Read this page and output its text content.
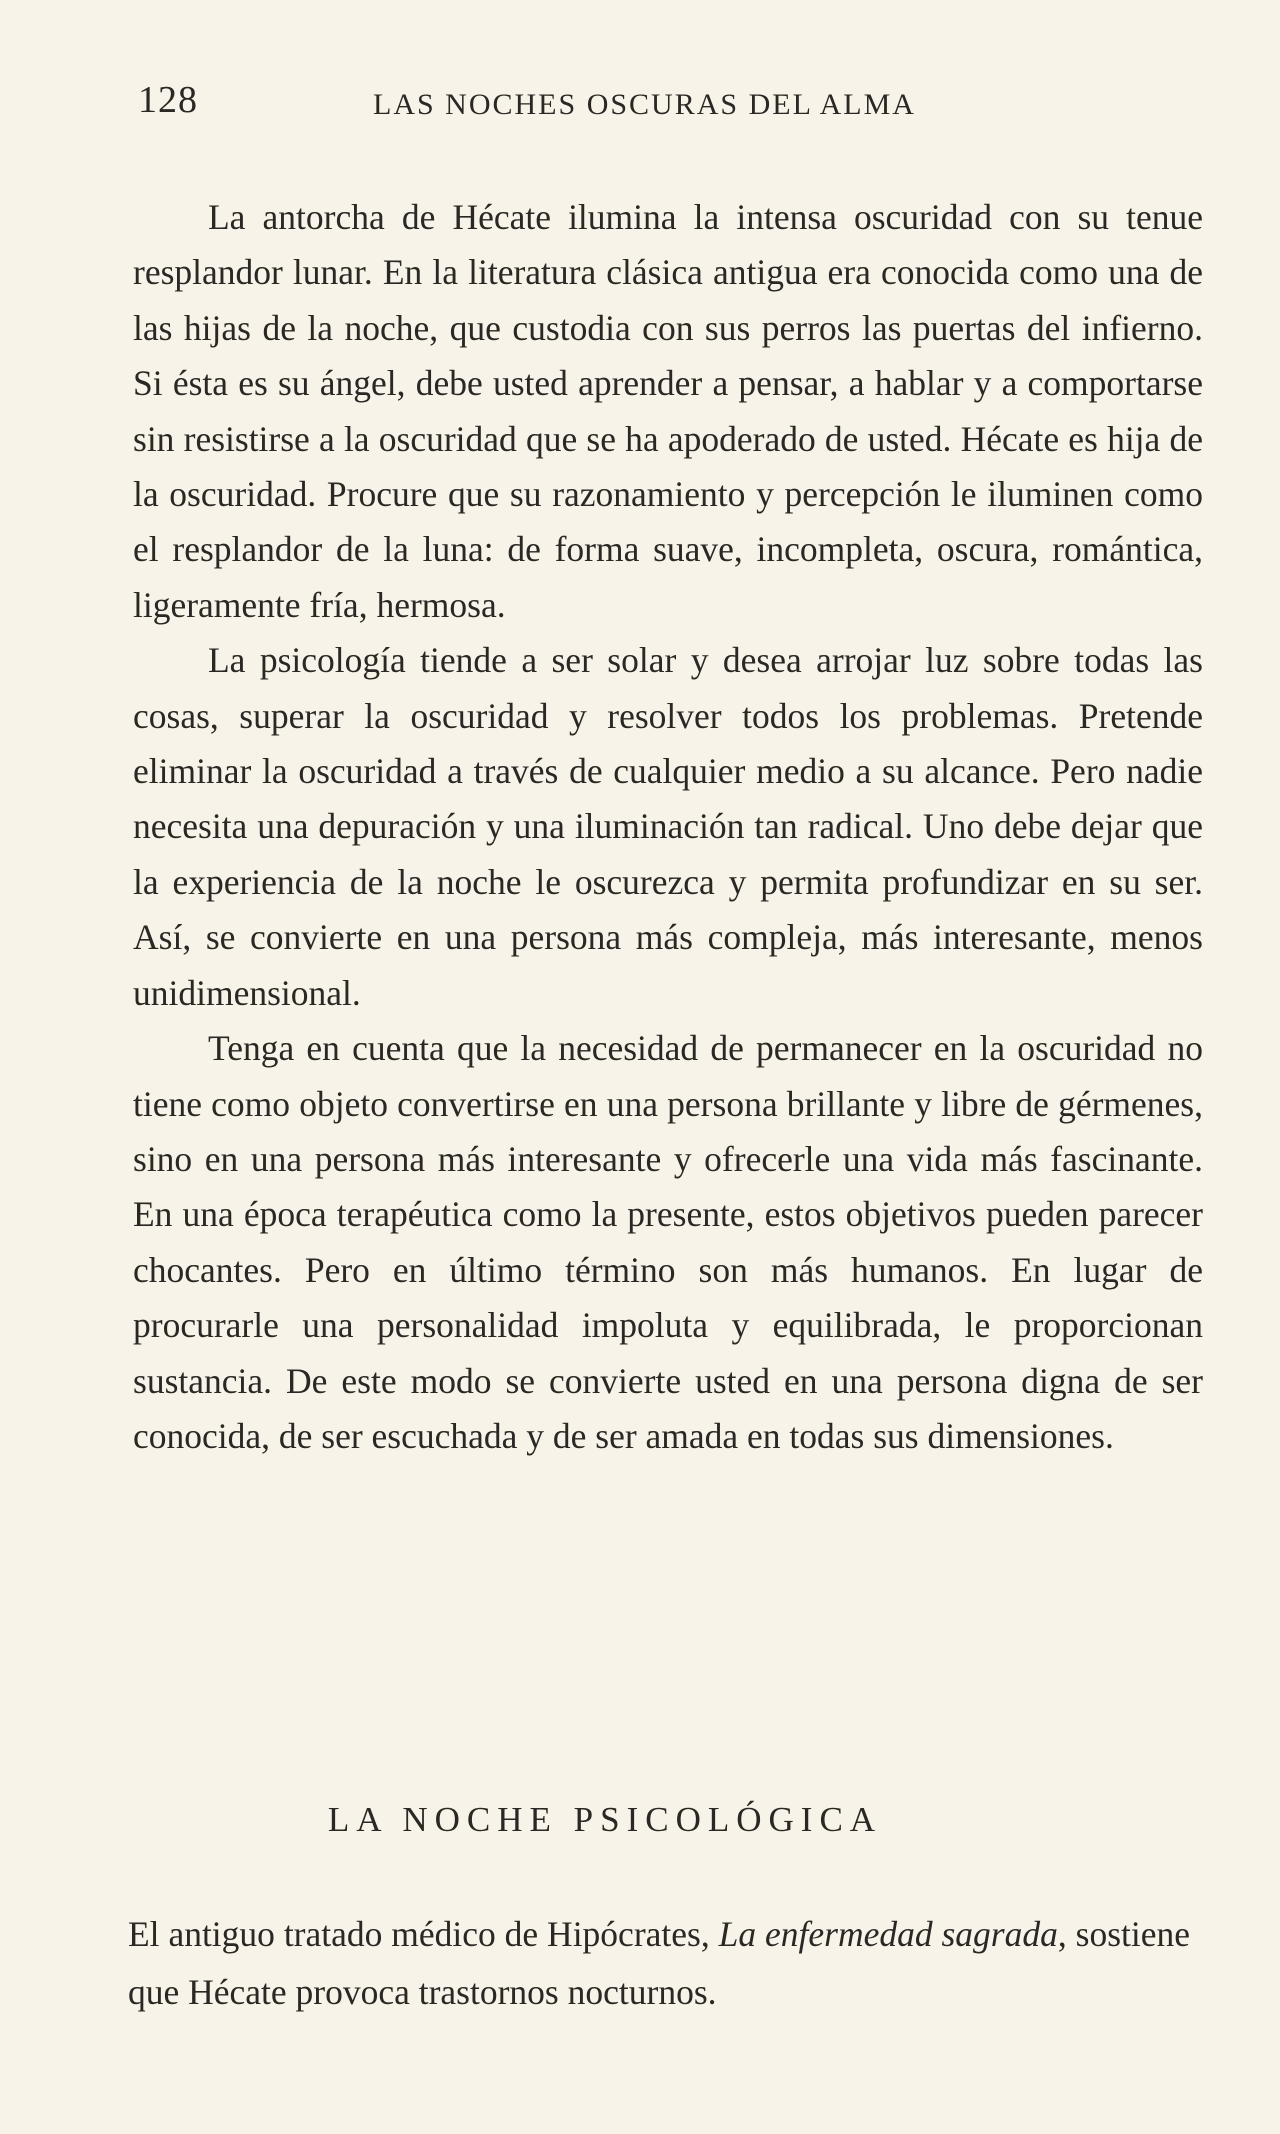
128	LAS NOCHES OSCURAS DEL ALMA

La antorcha de Hécate ilumina la intensa oscuridad con su tenue resplandor lunar. En la literatura clásica antigua era conocida como una de las hijas de la noche, que custodia con sus perros las puertas del infierno. Si ésta es su ángel, debe usted aprender a pensar, a hablar y a comportarse sin resistirse a la oscuridad que se ha apoderado de usted. Hécate es hija de la oscuridad. Procure que su razonamiento y percepción le iluminen como el resplandor de la luna: de forma suave, incompleta, oscura, romántica, ligeramente fría, hermosa.

La psicología tiende a ser solar y desea arrojar luz sobre todas las cosas, superar la oscuridad y resolver todos los problemas. Pretende eliminar la oscuridad a través de cualquier medio a su alcance. Pero nadie necesita una depuración y una iluminación tan radical. Uno debe dejar que la experiencia de la noche le oscurezca y permita profundizar en su ser. Así, se convierte en una persona más compleja, más interesante, menos unidimensional.

Tenga en cuenta que la necesidad de permanecer en la oscuridad no tiene como objeto convertirse en una persona brillante y libre de gérmenes, sino en una persona más interesante y ofrecerle una vida más fascinante. En una época terapéutica como la presente, estos objetivos pueden parecer chocantes. Pero en último término son más humanos. En lugar de procurarle una personalidad impoluta y equilibrada, le proporcionan sustancia. De este modo se convierte usted en una persona digna de ser conocida, de ser escuchada y de ser amada en todas sus dimensiones.

LA NOCHE PSICOLÓGICA

El antiguo tratado médico de Hipócrates, La enfermedad sagrada, sostiene que Hécate provoca trastornos nocturnos.
